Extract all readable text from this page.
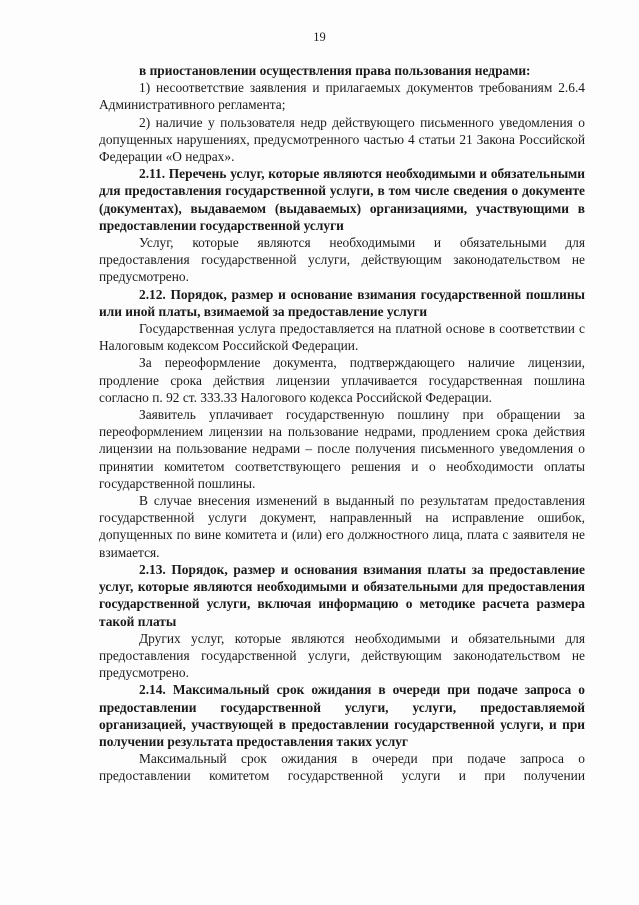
19

в приостановлении осуществления права пользования недрами:

1) несоответствие заявления и прилагаемых документов требованиям 2.6.4 Административного регламента;

2) наличие у пользователя недр действующего письменного уведомления о допущенных нарушениях, предусмотренного частью 4 статьи 21 Закона Российской Федерации «О недрах».

2.11. Перечень услуг, которые являются необходимыми и обязательными для предоставления государственной услуги, в том числе сведения о документе (документах), выдаваемом (выдаваемых) организациями, участвующими в предоставлении государственной услуги

Услуг, которые являются необходимыми и обязательными для предоставления государственной услуги, действующим законодательством не предусмотрено.

2.12. Порядок, размер и основание взимания государственной пошлины или иной платы, взимаемой за предоставление услуги

Государственная услуга предоставляется на платной основе в соответствии с Налоговым кодексом Российской Федерации.

За переоформление документа, подтверждающего наличие лицензии, продление срока действия лицензии уплачивается государственная пошлина согласно п. 92 ст. 333.33 Налогового кодекса Российской Федерации.

Заявитель уплачивает государственную пошлину при обращении за переоформлением лицензии на пользование недрами, продлением срока действия лицензии на пользование недрами – после получения письменного уведомления о принятии комитетом соответствующего решения и о необходимости оплаты государственной пошлины.

В случае внесения изменений в выданный по результатам предоставления государственной услуги документ, направленный на исправление ошибок, допущенных по вине комитета и (или) его должностного лица, плата с заявителя не взимается.

2.13. Порядок, размер и основания взимания платы за предоставление услуг, которые являются необходимыми и обязательными для предоставления государственной услуги, включая информацию о методике расчета размера такой платы

Других услуг, которые являются необходимыми и обязательными для предоставления государственной услуги, действующим законодательством не предусмотрено.

2.14. Максимальный срок ожидания в очереди при подаче запроса о предоставлении государственной услуги, услуги, предоставляемой организацией, участвующей в предоставлении государственной услуги, и при получении результата предоставления таких услуг

Максимальный срок ожидания в очереди при подаче запроса о предоставлении комитетом государственной услуги и при получении
